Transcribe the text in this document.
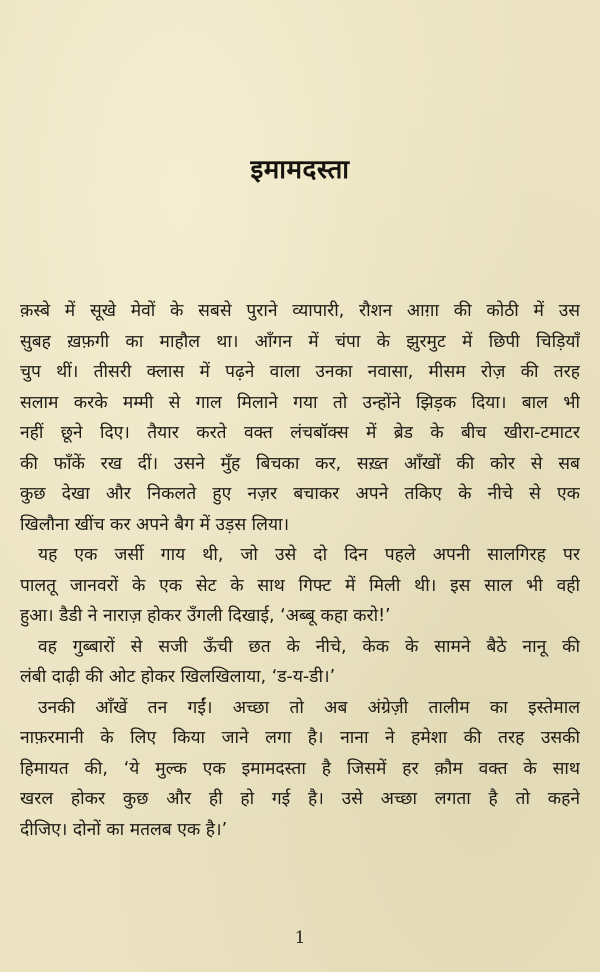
इमामदस्ता
क़स्बे में सूखे मेवों के सबसे पुराने व्यापारी, रौशन आग़ा की कोठी में उस
सुबह ख़फ़गी का माहौल था। आँगन में चंपा के झुरमुट में छिपी चिड़ियाँ
चुप थीं। तीसरी क्लास में पढ़ने वाला उनका नवासा, मीसम रोज़ की तरह
सलाम करके मम्मी से गाल मिलाने गया तो उन्होंने झिड़क दिया। बाल भी
नहीं छूने दिए। तैयार करते वक्त लंचबॉक्स में ब्रेड के बीच खीरा-टमाटर
की फाँकें रख दीं। उसने मुँह बिचका कर, सख़्त आँखों की कोर से सब
कुछ देखा और निकलते हुए नज़र बचाकर अपने तकिए के नीचे से एक
खिलौना खींच कर अपने बैग में उड़स लिया।
यह एक जर्सी गाय थी, जो उसे दो दिन पहले अपनी सालगिरह पर
पालतू जानवरों के एक सेट के साथ गिफ्ट में मिली थी। इस साल भी वही
हुआ। डैडी ने नाराज़ होकर उँगली दिखाई, ‘अब्बू कहा करो!’
वह गुब्बारों से सजी ऊँची छत के नीचे, केक के सामने बैठे नानू की
लंबी दाढ़ी की ओट होकर खिलखिलाया, ‘ड-य-डी।’
उनकी आँखें तन गईं। अच्छा तो अब अंग्रेज़ी तालीम का इस्तेमाल
नाफ़रमानी के लिए किया जाने लगा है। नाना ने हमेशा की तरह उसकी
हिमायत की, ‘ये मुल्क एक इमामदस्ता है जिसमें हर क़ौम वक्त के साथ
खरल होकर कुछ और ही हो गई है। उसे अच्छा लगता है तो कहने
दीजिए। दोनों का मतलब एक है।’
1
